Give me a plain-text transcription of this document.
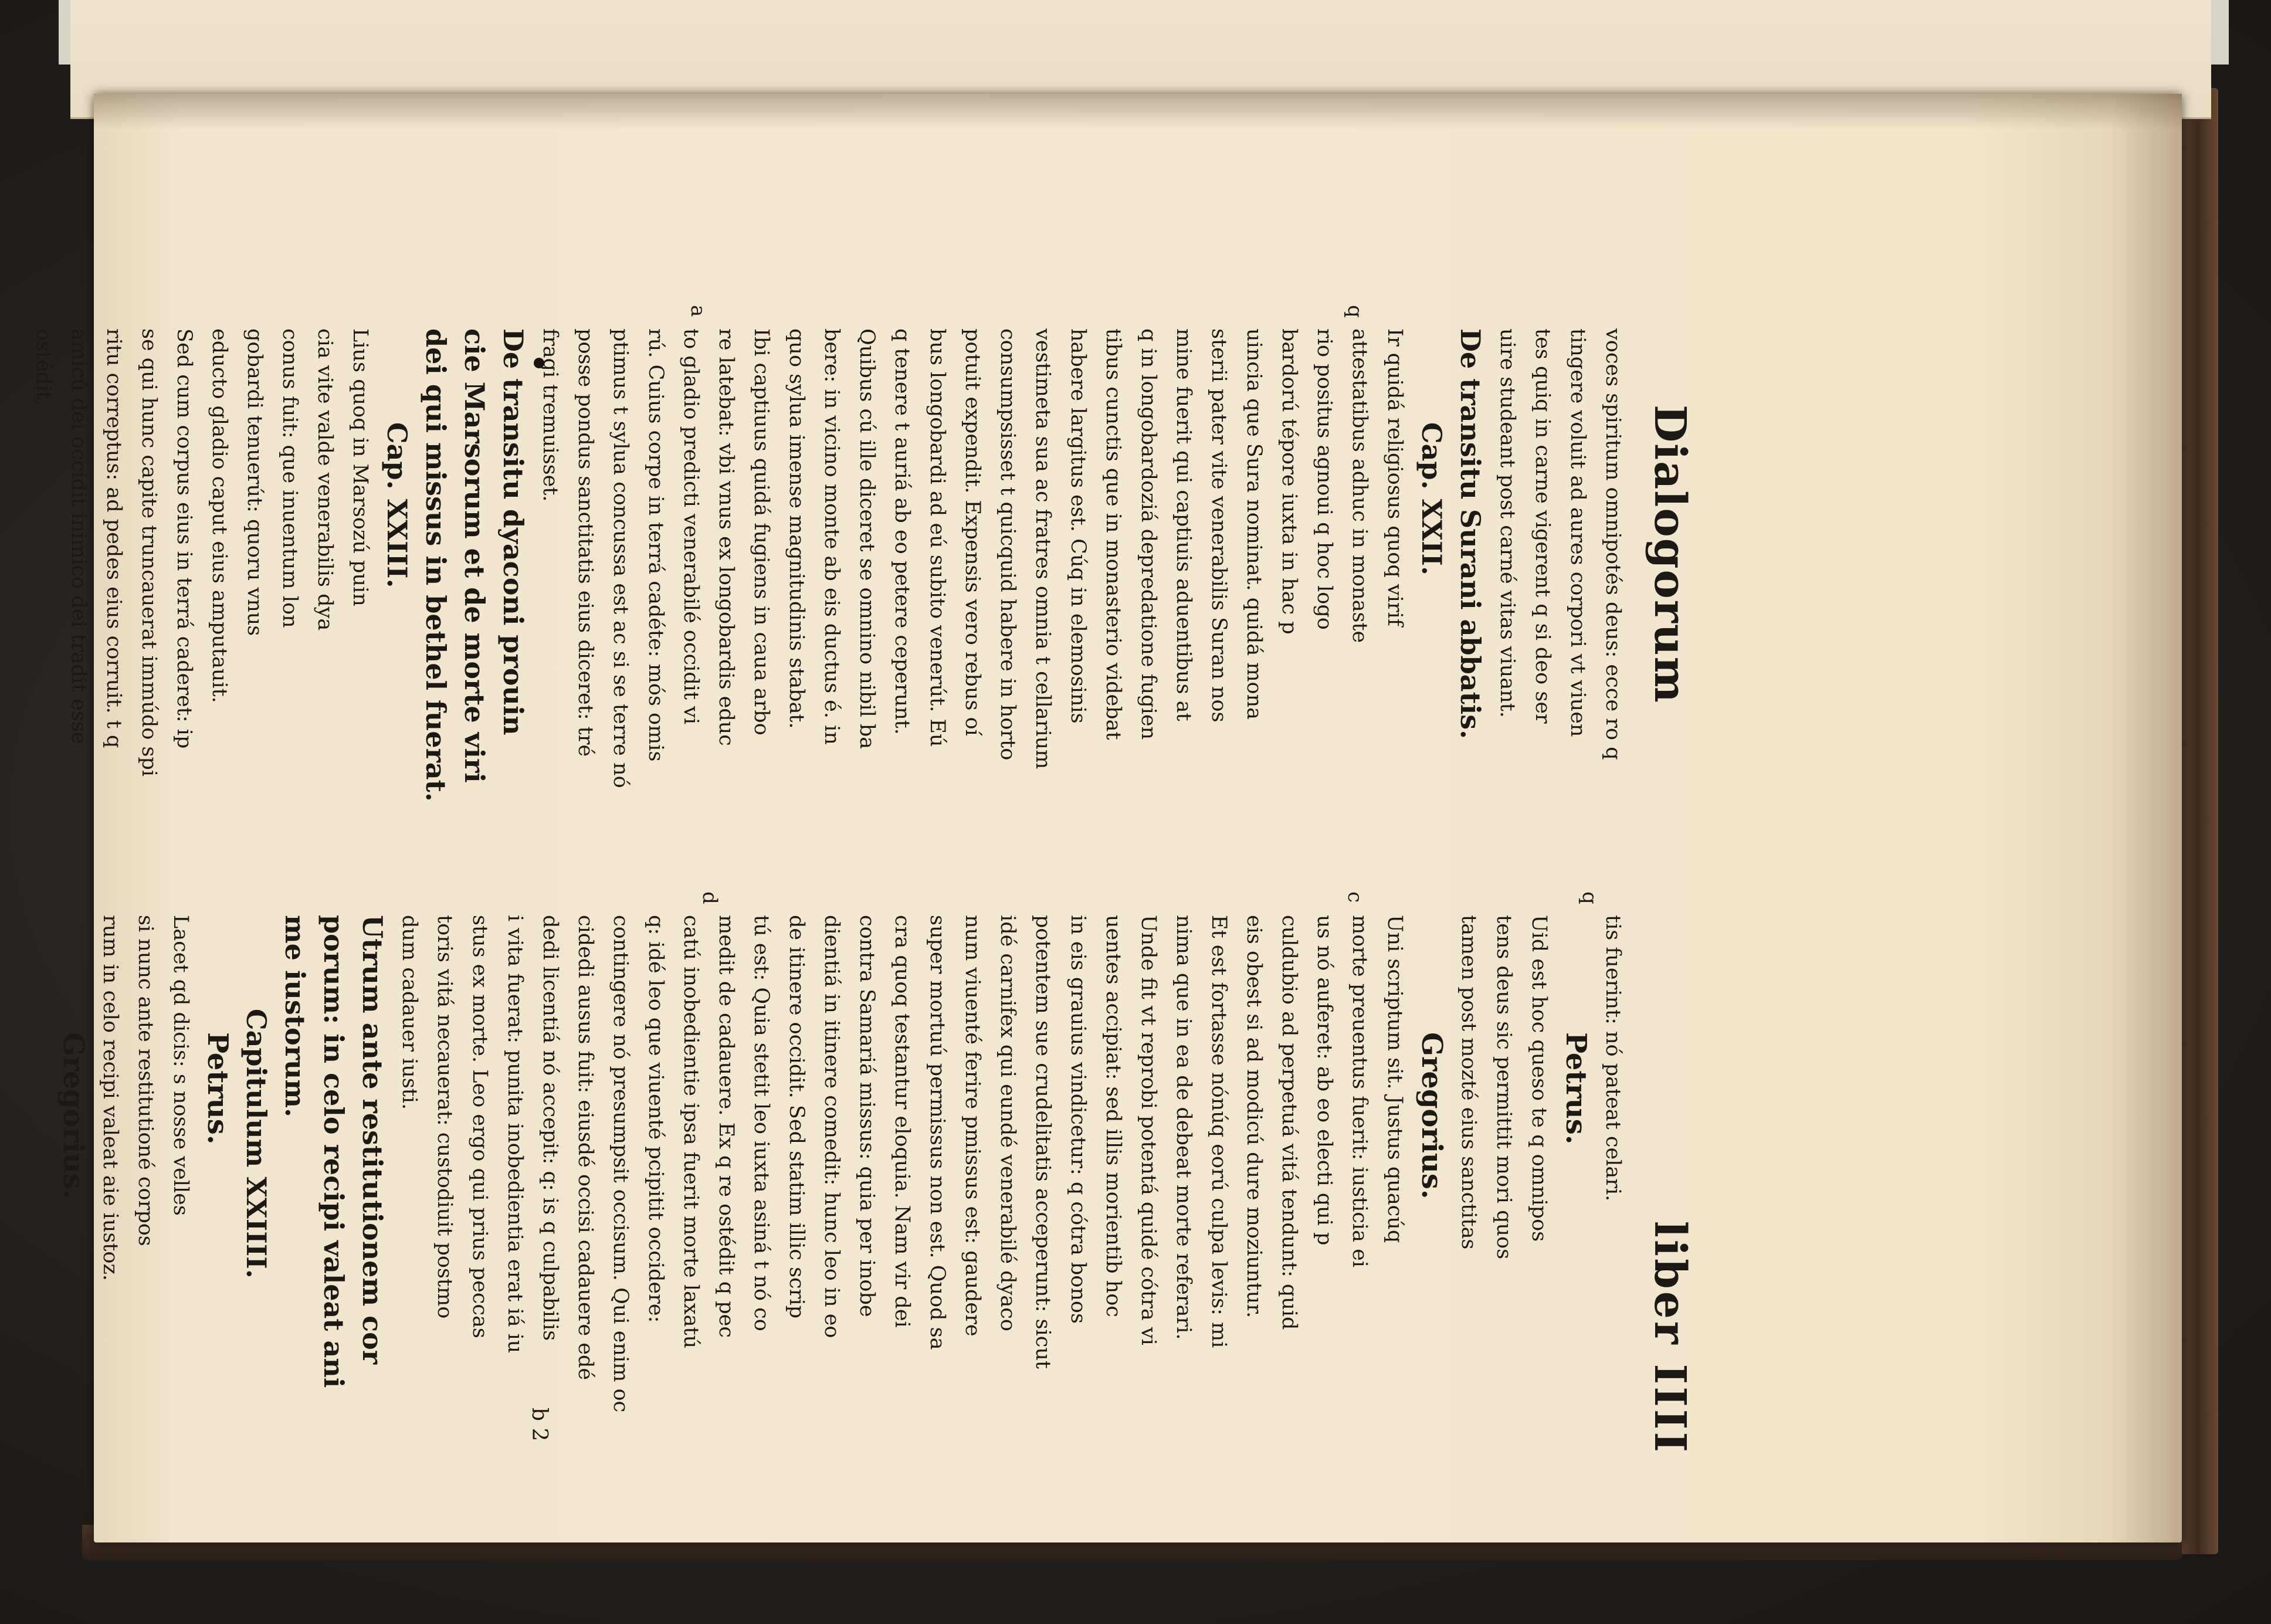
Dialogorum
liber IIII
voces spiritum omnipotés deus: ecce ro q
tingere voluit ad aures corpori vt viuen
tes quiq in carne vigerent q si deo ser
uire studeant post carné vitas viuant.
De transitu Surani abbatis.
Cap. XXII.
Ir quidá religiosus quoq virif
attestatibus adhuc in monaste
rio positus agnoui q hoc logo
bardorú tépore iuxta in hac p
uincia que Sura nominat. quidá mona
sterii pater vite venerabilis Suran nos
mine fuerit qui captiuis aduentibus at
q in longobardoziá depredatione fugien
tibus cunctis que in monasterio videbat
habere largitus est. Cúq in elemosinis
vestimeta sua ac fratres omnia t cellarium
consumpsisset t quicquid habere in horto
potuit expendit. Expensis vero rebus oí
bus longobardi ad eú subito venerút. Eú
q tenere t auriá ab eo petere ceperunt.
Quibus cú ille diceret se omnino nibil ba
bere: in vicino monte ab eis ductus é. in
quo sylua imense magnitudinis stabat.
Ibi captiuus quidá fugiens in caua arbo
re latebat: vbi vnus ex longobardis educ
to gladio predicti venerabilé occidit vi
rú. Cuius corpe in terrá cadéte: mós omis
ptimus t sylua concussa est ac si se terre nó
posse pondus sanctitatis eius diceret: tré
fragi tremuisset.
De transitu dyaconi prouin
cie Marsorum et de morte viri
dei qui missus in bethel fuerat.
Cap. XXIII.
Lius quoq in Marsozú puin
cia vite valde venerabilis dya
conus fuit: que inuentum lon
gobardi tenuerút: quoru vnus
educto gladio caput eius amputauit.
Sed cum corpus eius in terrá caderet: ip
se qui hunc capite truncauerat immúdo spi
ritu correptus: ad pedes eius corruit. t q
amicú dei occidit inimico dei tradit esse
ostédit.
tis fuerint: nó pateat celari.
Petrus.
Uid est hoc queso te q omnipos
tens deus sic permittit mori quos
tamen post mozté eius sanctitas
Gregorius.
Uni scriptum sit. Justus quacúq
morte preuentus fuerit: iusticia ei
us nó auferet: ab eo electi qui p
culdubio ad perpetuá vitá tendunt: quid
eis obest si ad modicú dure moziuntur.
Et est fortasse nónúq eorú culpa levis: mi
nima que in ea de debeat morte referari.
Unde fit vt reprobi potentá quidé cótra vi
uentes accipiat: sed illis morientib hoc
in eis grauius vindicetur: q cótra bonos
potentem sue crudelitatis acceperunt: sicut
idé carnifex qui eundé venerabilé dyaco
num viuenté ferire pmissus est: gaudere
super mortuú permissus non est. Quod sa
cra quoq testantur eloquia. Nam vir dei
contra Samariá missus: quia per inobe
dientiá in itinere comedit: hunc leo in eo
de itinere occidit. Sed statim illic scrip
tú est: Quia stetit leo iuxta asiná t nó co
medit de cadauere. Ex q re ostédit q pec
catú inobedientie ipsa fuerit morte laxatú
q: idé leo que viuenté pcipitit occidere:
contingere nó presumpsit occisum. Qui enim oc
cidedi ausus fuit: eiusdé occisi cadauere edé
dedi licentiá nó accepit: q: is q culpabilis
i vita fuerat: punita inobedientia erat iá iu
stus ex morte. Leo ergo qui prius peccas
toris vitá necauerat: custodiuit postmo
dum cadauer iusti.
Utrum ante restitutionem cor
porum: in celo recipi valeat ani
me iustorum.
Capitulum XXIIII.
Petrus.
Lacet qd dicis: s nosse velles
si nunc ante restitutioné corpos
rum in celo recipi valeat aie iustoz.
Gregorius.
b 2
q
a
q
c
d
